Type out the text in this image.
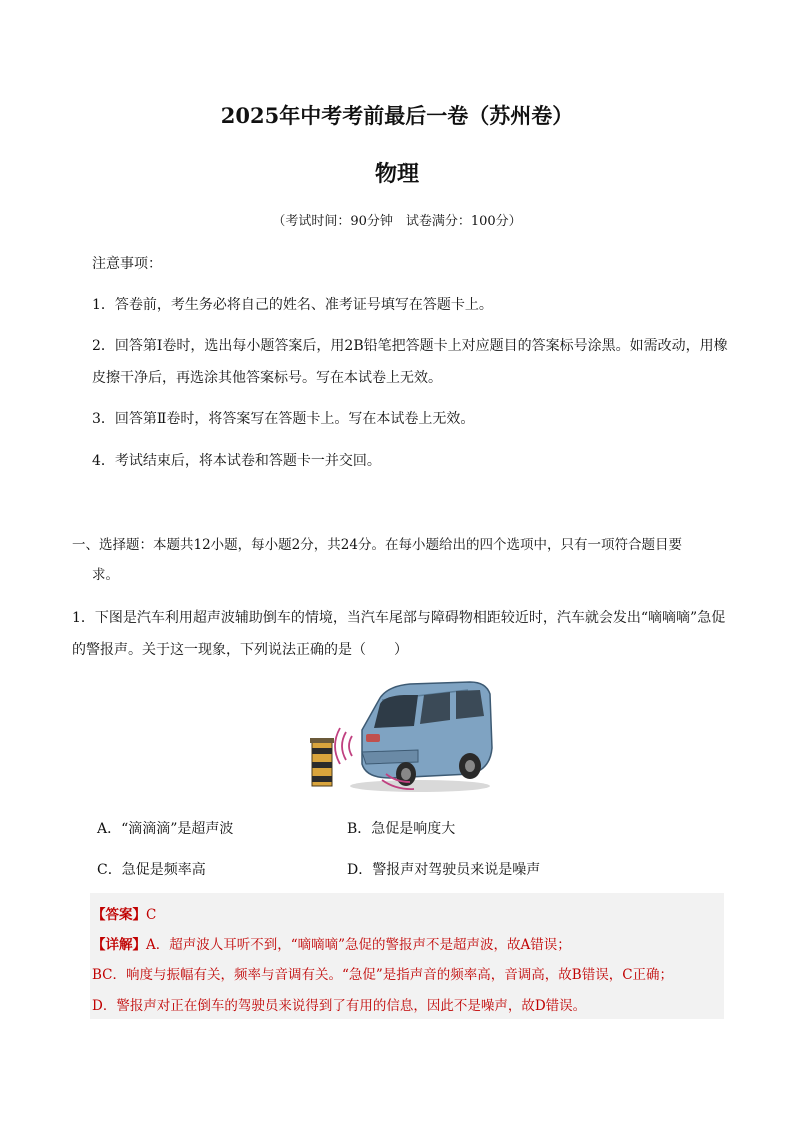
2025年中考考前最后一卷（苏州卷）
物理
（考试时间：90分钟　试卷满分：100分）
注意事项：
1．答卷前，考生务必将自己的姓名、准考证号填写在答题卡上。
2．回答第Ⅰ卷时，选出每小题答案后，用2B铅笔把答题卡上对应题目的答案标号涂黑。如需改动，用橡皮擦干净后，再选涂其他答案标号。写在本试卷上无效。
3．回答第Ⅱ卷时，将答案写在答题卡上。写在本试卷上无效。
4．考试结束后，将本试卷和答题卡一并交回。
一、选择题：本题共12小题，每小题2分，共24分。在每小题给出的四个选项中，只有一项符合题目要
求。
1．下图是汽车利用超声波辅助倒车的情境，当汽车尾部与障碍物相距较近时，汽车就会发出“嘀嘀嘀”急促
的警报声。关于这一现象，下列说法正确的是（　　）
A．“滴滴滴”是超声波	B．急促是响度大
C．急促是频率高	D．警报声对驾驶员来说是噪声
【答案】C
【详解】A．超声波人耳听不到，“嘀嘀嘀”急促的警报声不是超声波，故A错误；
BC．响度与振幅有关，频率与音调有关。“急促”是指声音的频率高，音调高，故B错误，C正确；
D．警报声对正在倒车的驾驶员来说得到了有用的信息，因此不是噪声，故D错误。
